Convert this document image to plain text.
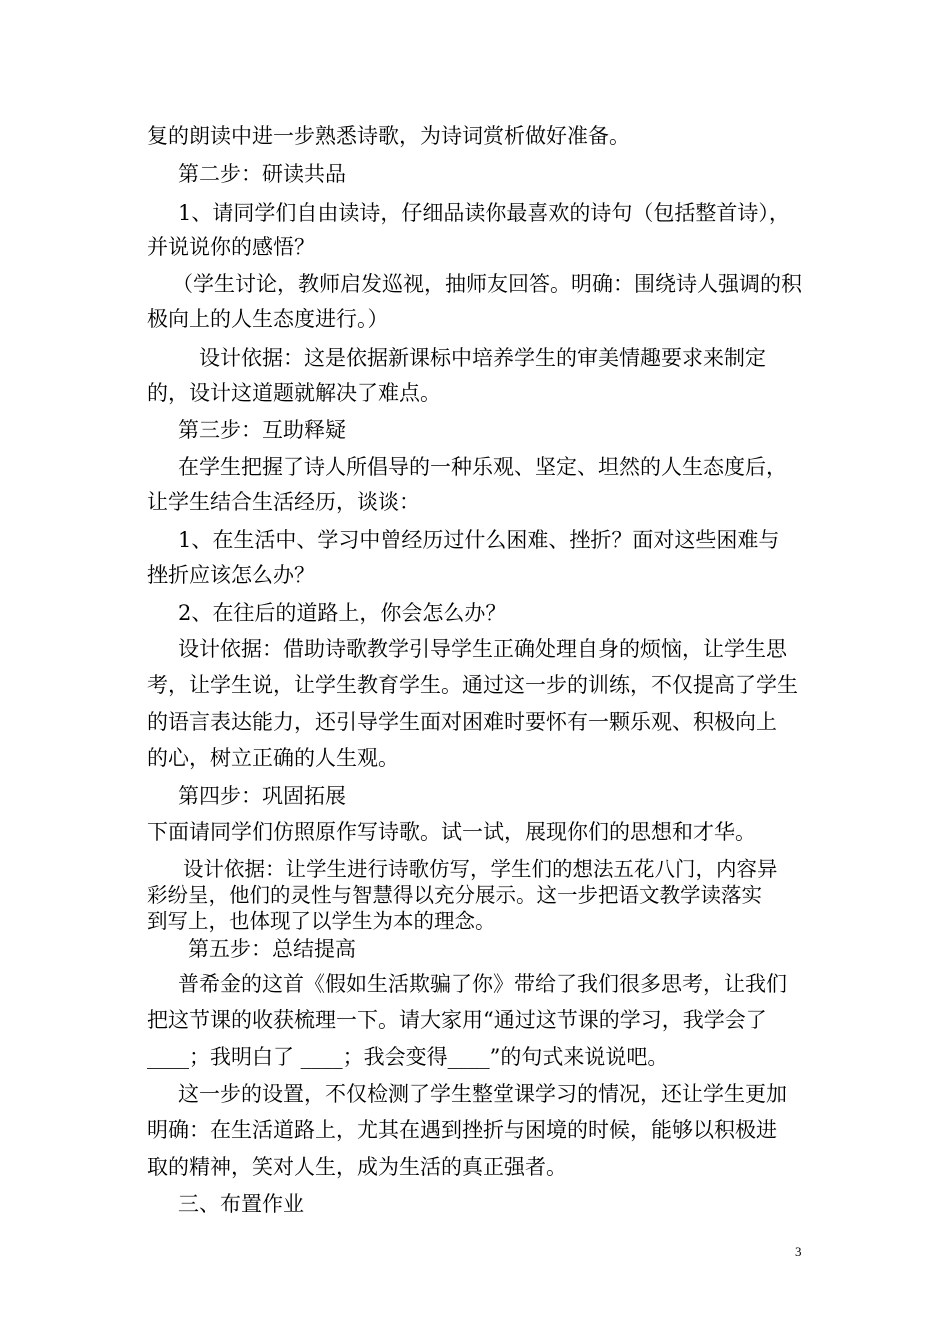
复的朗读中进一步熟悉诗歌，为诗词赏析做好准备。

第二步：研读共品

1、请同学们自由读诗，仔细品读你最喜欢的诗句（包括整首诗），

并说说你的感悟？

（学生讨论，教师启发巡视，抽师友回答。明确：围绕诗人强调的积

极向上的人生态度进行。）

设计依据：这是依据新课标中培养学生的审美情趣要求来制定

的，设计这道题就解决了难点。

第三步：互助释疑

在学生把握了诗人所倡导的一种乐观、坚定、坦然的人生态度后，

让学生结合生活经历，谈谈：

1、在生活中、学习中曾经历过什么困难、挫折？面对这些困难与

挫折应该怎么办？

2、在往后的道路上，你会怎么办？

设计依据：借助诗歌教学引导学生正确处理自身的烦恼，让学生思

考，让学生说，让学生教育学生。通过这一步的训练，不仅提高了学生

的语言表达能力，还引导学生面对困难时要怀有一颗乐观、积极向上

的心，树立正确的人生观。

第四步：巩固拓展

下面请同学们仿照原作写诗歌。试一试，展现你们的思想和才华。

设计依据：让学生进行诗歌仿写，学生们的想法五花八门，内容异

彩纷呈，他们的灵性与智慧得以充分展示。这一步把语文教学读落实

到写上，也体现了以学生为本的理念。

第五步：总结提高

普希金的这首《假如生活欺骗了你》带给了我们很多思考，让我们

把这节课的收获梳理一下。请大家用“通过这节课的学习，我学会了

____；我明白了 ____；我会变得____”的句式来说说吧。

这一步的设置，不仅检测了学生整堂课学习的情况，还让学生更加

明确：在生活道路上，尤其在遇到挫折与困境的时候，能够以积极进

取的精神，笑对人生，成为生活的真正强者。

三、布置作业

3
